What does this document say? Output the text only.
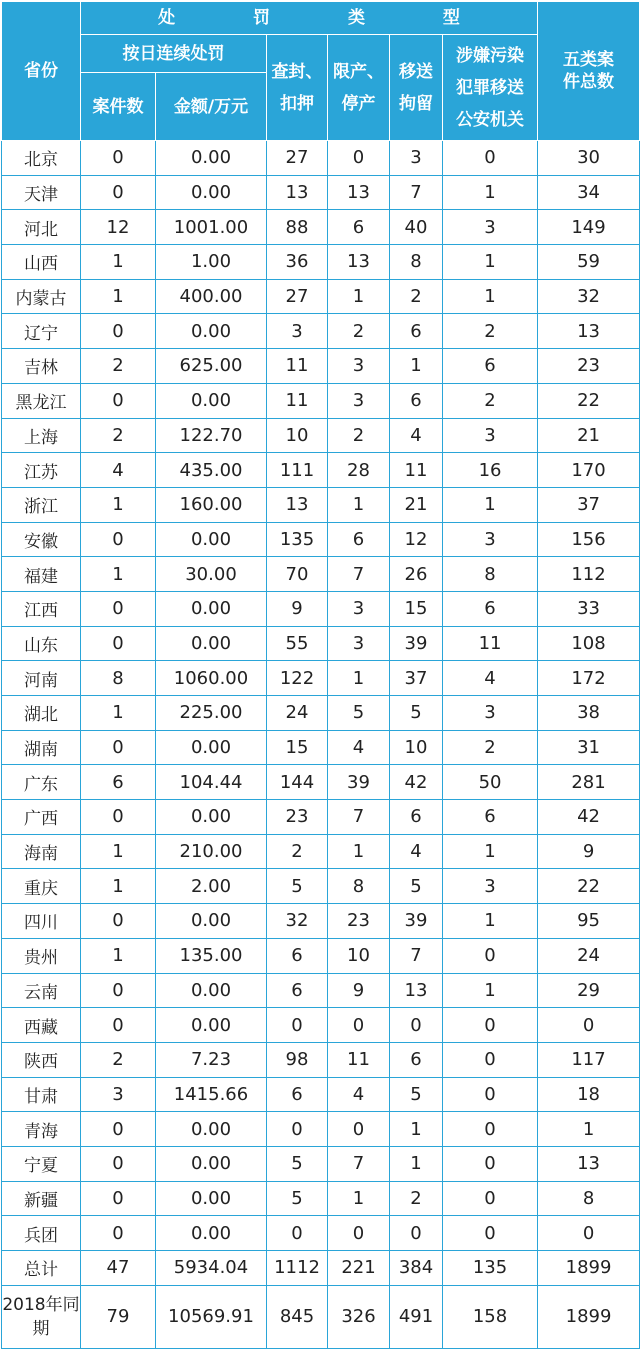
省份	处 罚 类 型						五类案件总数
	按日连续处罚		查封、扣押	限产、停产	移送拘留	涉嫌污染犯罪移送公安机关	
	案件数	金额/万元					
北京	0	0.00	27	0	3	0	30
天津	0	0.00	13	13	7	1	34
河北	12	1001.00	88	6	40	3	149
山西	1	1.00	36	13	8	1	59
内蒙古	1	400.00	27	1	2	1	32
辽宁	0	0.00	3	2	6	2	13
吉林	2	625.00	11	3	1	6	23
黑龙江	0	0.00	11	3	6	2	22
上海	2	122.70	10	2	4	3	21
江苏	4	435.00	111	28	11	16	170
浙江	1	160.00	13	1	21	1	37
安徽	0	0.00	135	6	12	3	156
福建	1	30.00	70	7	26	8	112
江西	0	0.00	9	3	15	6	33
山东	0	0.00	55	3	39	11	108
河南	8	1060.00	122	1	37	4	172
湖北	1	225.00	24	5	5	3	38
湖南	0	0.00	15	4	10	2	31
广东	6	104.44	144	39	42	50	281
广西	0	0.00	23	7	6	6	42
海南	1	210.00	2	1	4	1	9
重庆	1	2.00	5	8	5	3	22
四川	0	0.00	32	23	39	1	95
贵州	1	135.00	6	10	7	0	24
云南	0	0.00	6	9	13	1	29
西藏	0	0.00	0	0	0	0	0
陕西	2	7.23	98	11	6	0	117
甘肃	3	1415.66	6	4	5	0	18
青海	0	0.00	0	0	1	0	1
宁夏	0	0.00	5	7	1	0	13
新疆	0	0.00	5	1	2	0	8
兵团	0	0.00	0	0	0	0	0
总计	47	5934.04	1112	221	384	135	1899
2018年同期	79	10569.91	845	326	491	158	1899
